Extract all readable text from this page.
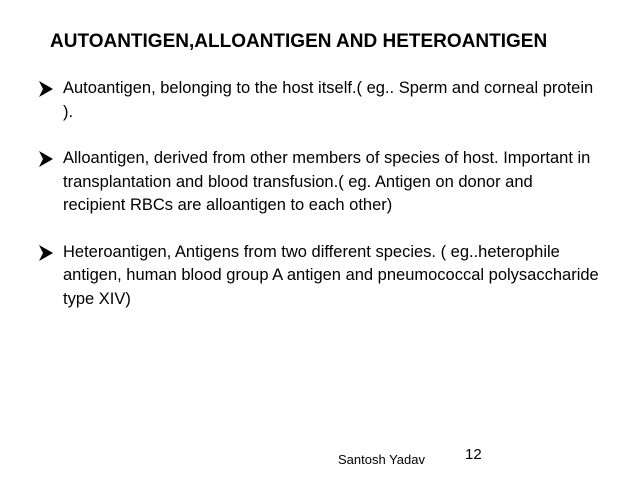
AUTOANTIGEN,ALLOANTIGEN AND HETEROANTIGEN
Autoantigen, belonging to the host itself.( eg.. Sperm and corneal protein ).
Alloantigen, derived from other members of species of host. Important in transplantation and blood transfusion.( eg. Antigen on donor and recipient RBCs are alloantigen to each other)
Heteroantigen, Antigens from two different species. ( eg..heterophile antigen, human blood group A antigen and pneumococcal polysaccharide type XIV)
Santosh Yadav	12
